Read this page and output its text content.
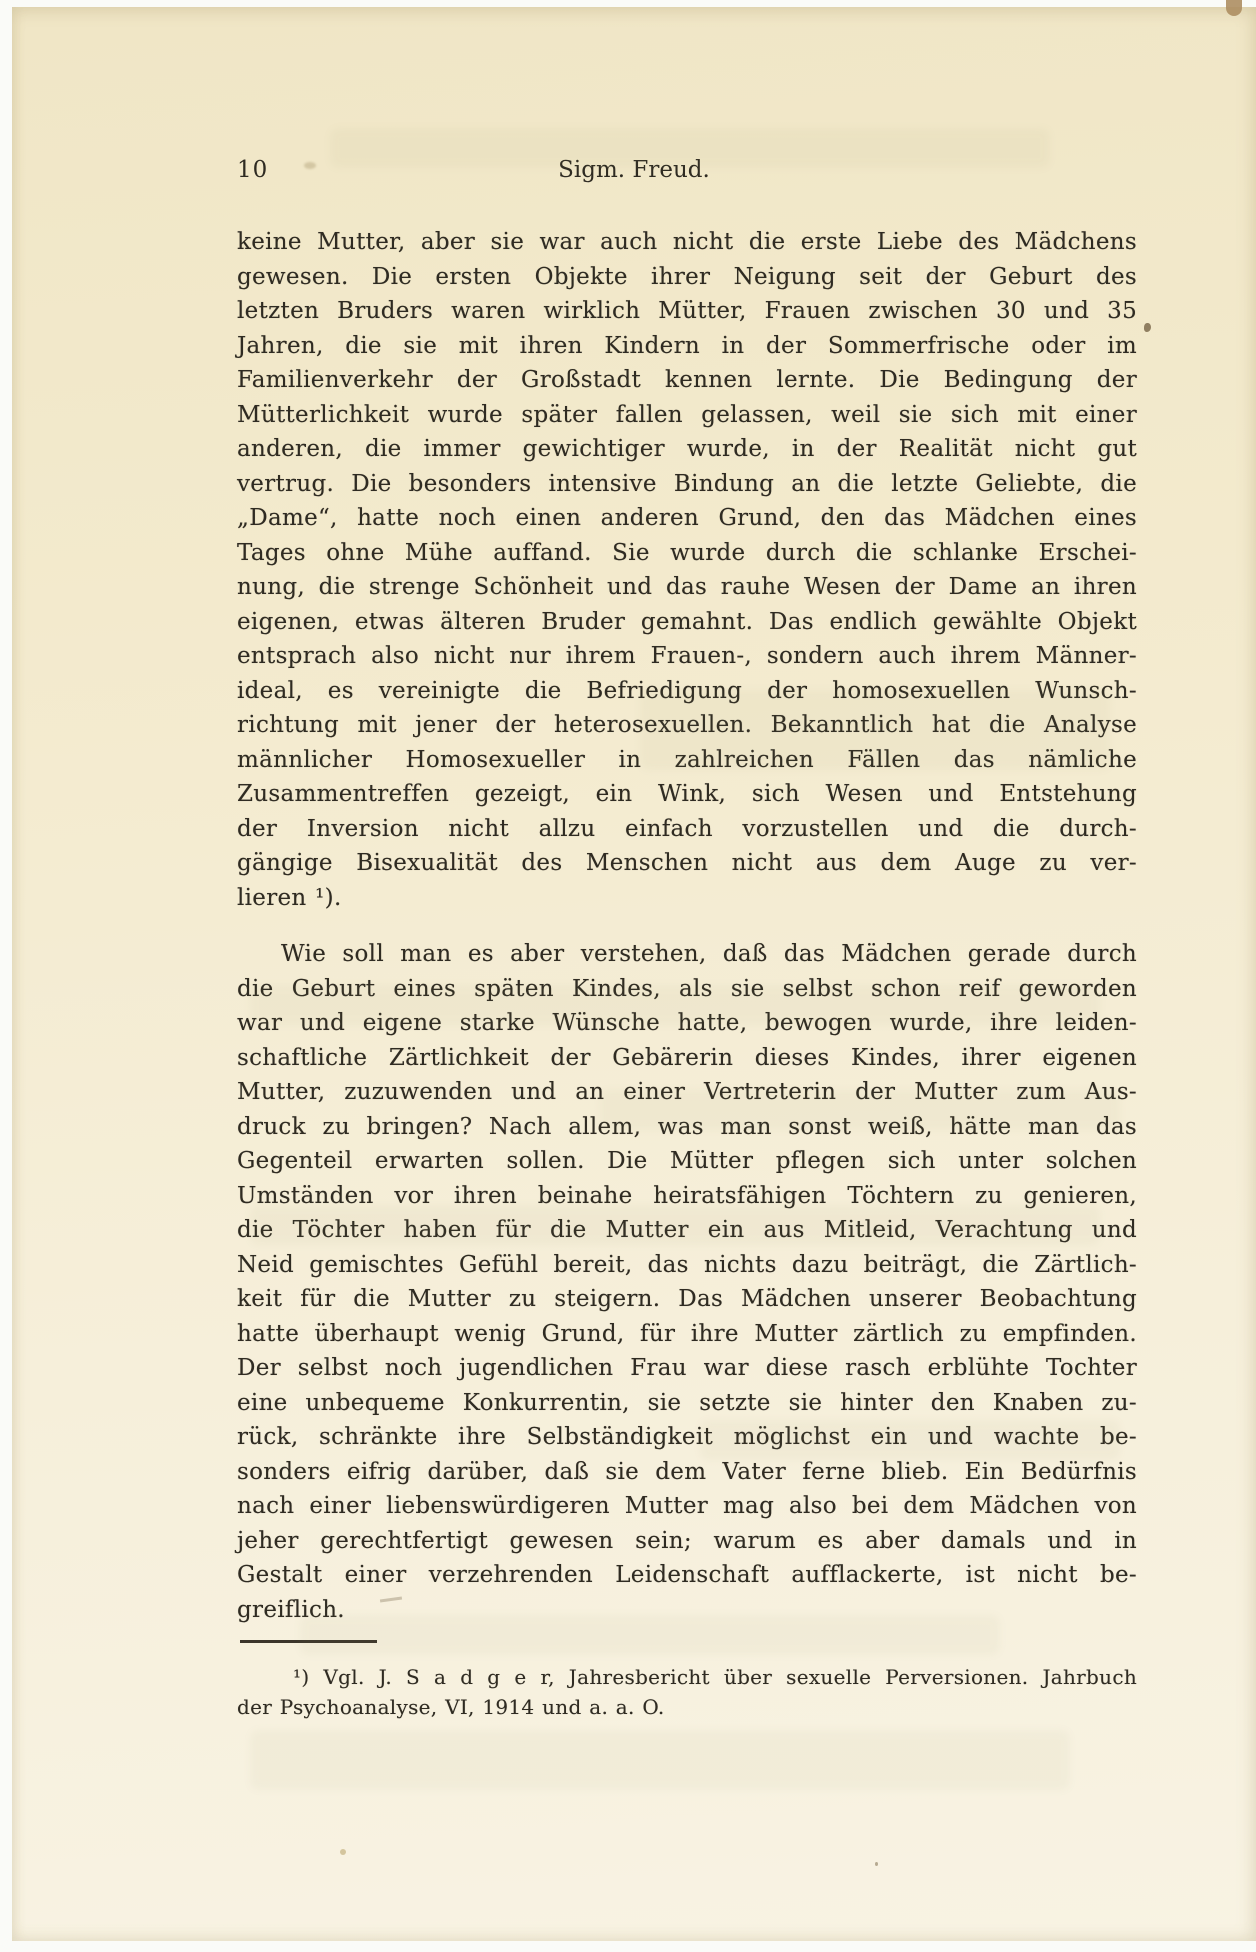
10	Sigm. Freud.
keine Mutter, aber sie war auch nicht die erste Liebe des Mädchens
gewesen. Die ersten Objekte ihrer Neigung seit der Geburt des
letzten Bruders waren wirklich Mütter, Frauen zwischen 30 und 35
Jahren, die sie mit ihren Kindern in der Sommerfrische oder im
Familienverkehr der Großstadt kennen lernte. Die Bedingung der
Mütterlichkeit wurde später fallen gelassen, weil sie sich mit einer
anderen, die immer gewichtiger wurde, in der Realität nicht gut
vertrug. Die besonders intensive Bindung an die letzte Geliebte, die
„Dame“, hatte noch einen anderen Grund, den das Mädchen eines
Tages ohne Mühe auffand. Sie wurde durch die schlanke Erschei-
nung, die strenge Schönheit und das rauhe Wesen der Dame an ihren
eigenen, etwas älteren Bruder gemahnt. Das endlich gewählte Objekt
entsprach also nicht nur ihrem Frauen-, sondern auch ihrem Männer-
ideal, es vereinigte die Befriedigung der homosexuellen Wunsch-
richtung mit jener der heterosexuellen. Bekanntlich hat die Analyse
männlicher Homosexueller in zahlreichen Fällen das nämliche
Zusammentreffen gezeigt, ein Wink, sich Wesen und Entstehung
der Inversion nicht allzu einfach vorzustellen und die durch-
gängige Bisexualität des Menschen nicht aus dem Auge zu ver-
lieren ¹).
Wie soll man es aber verstehen, daß das Mädchen gerade durch
die Geburt eines späten Kindes, als sie selbst schon reif geworden
war und eigene starke Wünsche hatte, bewogen wurde, ihre leiden-
schaftliche Zärtlichkeit der Gebärerin dieses Kindes, ihrer eigenen
Mutter, zuzuwenden und an einer Vertreterin der Mutter zum Aus-
druck zu bringen? Nach allem, was man sonst weiß, hätte man das
Gegenteil erwarten sollen. Die Mütter pflegen sich unter solchen
Umständen vor ihren beinahe heiratsfähigen Töchtern zu genieren,
die Töchter haben für die Mutter ein aus Mitleid, Verachtung und
Neid gemischtes Gefühl bereit, das nichts dazu beiträgt, die Zärtlich-
keit für die Mutter zu steigern. Das Mädchen unserer Beobachtung
hatte überhaupt wenig Grund, für ihre Mutter zärtlich zu empfinden.
Der selbst noch jugendlichen Frau war diese rasch erblühte Tochter
eine unbequeme Konkurrentin, sie setzte sie hinter den Knaben zu-
rück, schränkte ihre Selbständigkeit möglichst ein und wachte be-
sonders eifrig darüber, daß sie dem Vater ferne blieb. Ein Bedürfnis
nach einer liebenswürdigeren Mutter mag also bei dem Mädchen von
jeher gerechtfertigt gewesen sein; warum es aber damals und in
Gestalt einer verzehrenden Leidenschaft aufflackerte, ist nicht be-
greiflich.
¹) Vgl. J. S a d g e r, Jahresbericht über sexuelle Perversionen. Jahrbuch
der Psychoanalyse, VI, 1914 und a. a. O.
